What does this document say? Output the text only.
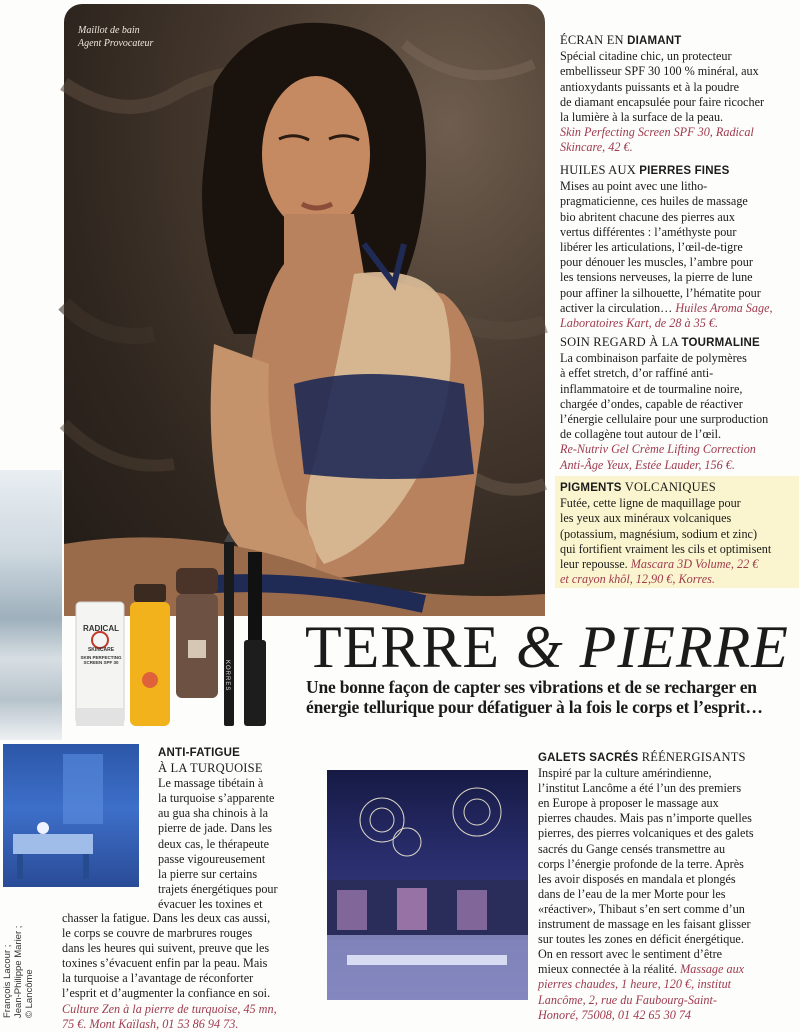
Maillot de bain
Agent Provocateur	ÉCRAN EN DIAMANT
Spécial citadine chic, un protecteur
embellisseur SPF 30 100 % minéral, aux
antioxydants puissants et à la poudre
de diamant encapsulée pour faire ricocher
la lumière à la surface de la peau.
Skin Perfecting Screen SPF 30, Radical
Skincare, 42 €.
HUILES AUX PIERRES FINES
Mises au point avec une litho-
pragmaticienne, ces huiles de massage
bio abritent chacune des pierres aux
vertus différentes : l’améthyste pour
libérer les articulations, l’œil-de-tigre
pour dénouer les muscles, l’ambre pour
les tensions nerveuses, la pierre de lune
pour affiner la silhouette, l’hématite pour
activer la circulation… Huiles Aroma Sage,
Laboratoires Kart, de 28 à 35 €.
SOIN REGARD À LA TOURMALINE
La combinaison parfaite de polymères
à effet stretch, d’or raffiné anti-
inflammatoire et de tourmaline noire,
chargée d’ondes, capable de réactiver
l’énergie cellulaire pour une surproduction
de collagène tout autour de l’œil.
Re-Nutriv Gel Crème Lifting Correction
Anti-Âge Yeux, Estée Lauder, 156 €.
PIGMENTS VOLCANIQUES
Futée, cette ligne de maquillage pour
les yeux aux minéraux volcaniques
(potassium, magnésium, sodium et zinc)
qui fortifient vraiment les cils et optimisent
leur repousse. Mascara 3D Volume, 22 €
et crayon khôl, 12,90 €, Korres.
RADICAL
SKINCARE
SKIN PERFECTING SCREEN SPF 30	KORRES TERRE & PIERRE
Une bonne façon de capter ses vibrations et de se recharger en énergie tellurique pour défatiguer à la fois le corps et l’esprit…
ANTI-FATIGUE
À LA TURQUOISE
Le massage tibétain à
la turquoise s’apparente
au gua sha chinois à la
pierre de jade. Dans les
deux cas, le thérapeute
passe vigoureusement
la pierre sur certains
trajets énergétiques pour
évacuer les toxines et
chasser la fatigue. Dans les deux cas aussi,
le corps se couvre de marbrures rouges
dans les heures qui suivent, preuve que les
toxines s’évacuent enfin par la peau. Mais
la turquoise a l’avantage de réconforter
l’esprit et d’augmenter la confiance en soi.
Culture Zen à la pierre de turquoise, 45 mn,
75 €. Mont Kaïlash, 01 53 86 94 73.
GALETS SACRÉS RÉÉNERGISANTS
Inspiré par la culture amérindienne,
l’institut Lancôme a été l’un des premiers
en Europe à proposer le massage aux
pierres chaudes. Mais pas n’importe quelles
pierres, des pierres volcaniques et des galets
sacrés du Gange censés transmettre au
corps l’énergie profonde de la terre. Après
les avoir disposés en mandala et plongés
dans de l’eau de la mer Morte pour les
«réactiver», Thibaut s’en sert comme d’un
instrument de massage en les faisant glisser
sur toutes les zones en déficit énergétique.
On en ressort avec le sentiment d’être
mieux connectée à la réalité. Massage aux
pierres chaudes, 1 heure, 120 €, institut
Lancôme, 2, rue du Faubourg-Saint-
Honoré, 75008, 01 42 65 30 74
François Lacour ; Jean-Philippe Marier ; © Lancôme
